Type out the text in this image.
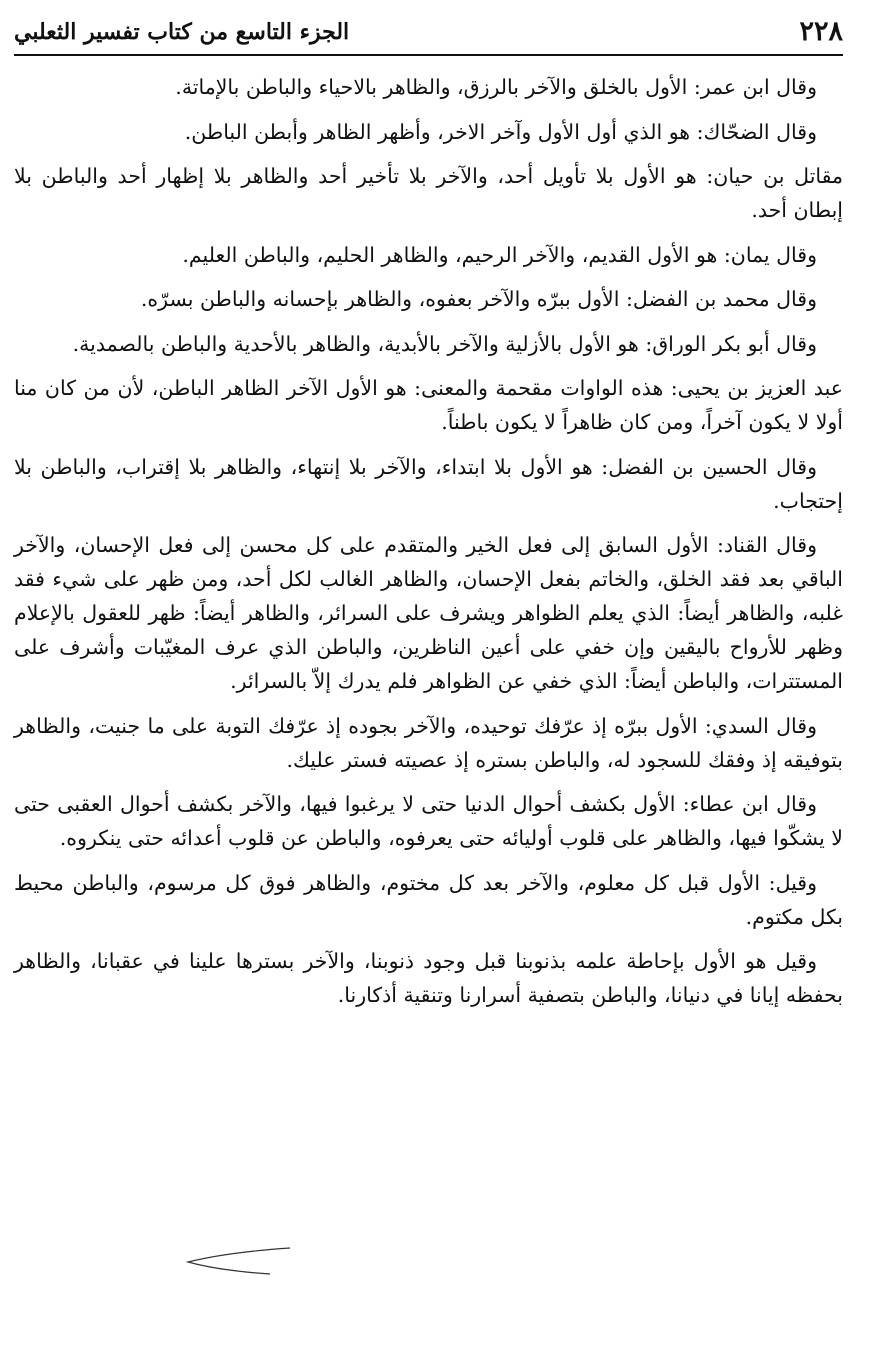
٢٢٨
الجزء التاسع من كتاب تفسير الثعلبي

وقال ابن عمر: الأول بالخلق والآخر بالرزق، والظاهر بالاحياء والباطن بالإماتة.

وقال الضحّاك: هو الذي أول الأول وآخر الاخر، وأظهر الظاهر وأبطن الباطن.

مقاتل بن حيان: هو الأول بلا تأويل أحد، والآخر بلا تأخير أحد والظاهر بلا إظهار أحد والباطن بلا إبطان أحد.

وقال يمان: هو الأول القديم، والآخر الرحيم، والظاهر الحليم، والباطن العليم.

وقال محمد بن الفضل: الأول ببرّه والآخر بعفوه، والظاهر بإحسانه والباطن بسرّه.

وقال أبو بكر الوراق: هو الأول بالأزلية والآخر بالأبدية، والظاهر بالأحدية والباطن بالصمدية.

عبد العزيز بن يحيى: هذه الواوات مقحمة والمعنى: هو الأول الآخر الظاهر الباطن، لأن من كان منا أولا لا يكون آخراً، ومن كان ظاهراً لا يكون باطناً.

وقال الحسين بن الفضل: هو الأول بلا ابتداء، والآخر بلا إنتهاء، والظاهر بلا إقتراب، والباطن بلا إحتجاب.

وقال القناد: الأول السابق إلى فعل الخير والمتقدم على كل محسن إلى فعل الإحسان، والآخر الباقي بعد فقد الخلق، والخاتم بفعل الإحسان، والظاهر الغالب لكل أحد، ومن ظهر على شيء فقد غلبه، والظاهر أيضاً: الذي يعلم الظواهر ويشرف على السرائر، والظاهر أيضاً: ظهر للعقول بالإعلام وظهر للأرواح باليقين وإن خفي على أعين الناظرين، والباطن الذي عرف المغيّبات وأشرف على المستترات، والباطن أيضاً: الذي خفي عن الظواهر فلم يدرك إلاّ بالسرائر.

وقال السدي: الأول ببرّه إذ عرّفك توحيده، والآخر بجوده إذ عرّفك التوبة على ما جنيت، والظاهر بتوفيقه إذ وفقك للسجود له، والباطن بستره إذ عصيته فستر عليك.

وقال ابن عطاء: الأول بكشف أحوال الدنيا حتى لا يرغبوا فيها، والآخر بكشف أحوال العقبى حتى لا يشكّوا فيها، والظاهر على قلوب أوليائه حتى يعرفوه، والباطن عن قلوب أعدائه حتى ينكروه.

وقيل: الأول قبل كل معلوم، والآخر بعد كل مختوم، والظاهر فوق كل مرسوم، والباطن محيط بكل مكتوم.

وقيل هو الأول بإحاطة علمه بذنوبنا قبل وجود ذنوبنا، والآخر بسترها علينا في عقبانا، والظاهر بحفظه إيانا في دنيانا، والباطن بتصفية أسرارنا وتنقية أذكارنا.
